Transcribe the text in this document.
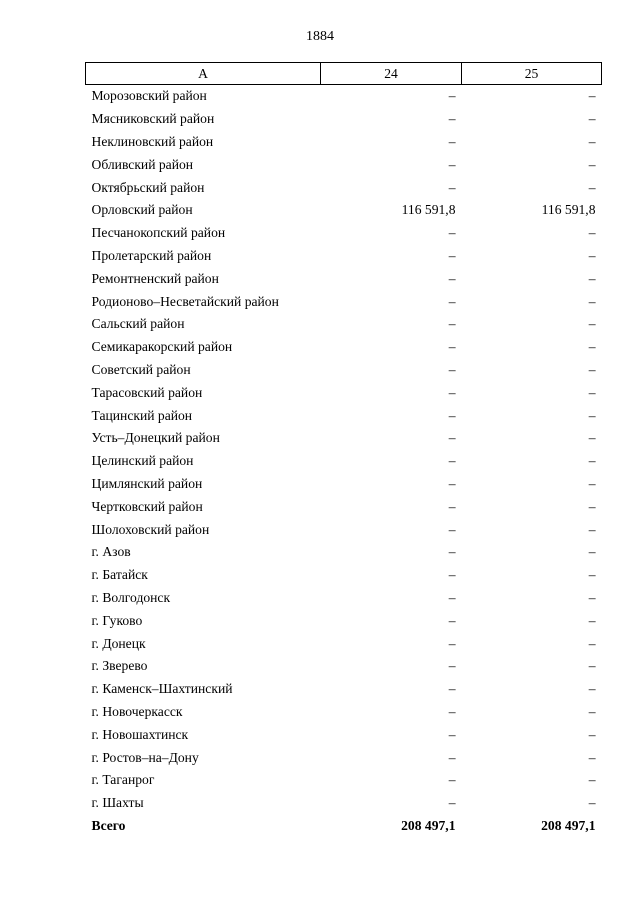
1884
А	24	25
Морозовский район	–	–
Мясниковский район	–	–
Неклиновский район	–	–
Обливский район	–	–
Октябрьский район	–	–
Орловский район	116 591,8	116 591,8
Песчанокопский район	–	–
Пролетарский район	–	–
Ремонтненский район	–	–
Родионово–Несветайский район	–	–
Сальский район	–	–
Семикаракорский район	–	–
Советский район	–	–
Тарасовский район	–	–
Тацинский район	–	–
Усть–Донецкий район	–	–
Целинский район	–	–
Цимлянский район	–	–
Чертковский район	–	–
Шолоховский район	–	–
г. Азов	–	–
г. Батайск	–	–
г. Волгодонск	–	–
г. Гуково	–	–
г. Донецк	–	–
г. Зверево	–	–
г. Каменск–Шахтинский	–	–
г. Новочеркасск	–	–
г. Новошахтинск	–	–
г. Ростов–на–Дону	–	–
г. Таганрог	–	–
г. Шахты	–	–
Всего	208 497,1	208 497,1
